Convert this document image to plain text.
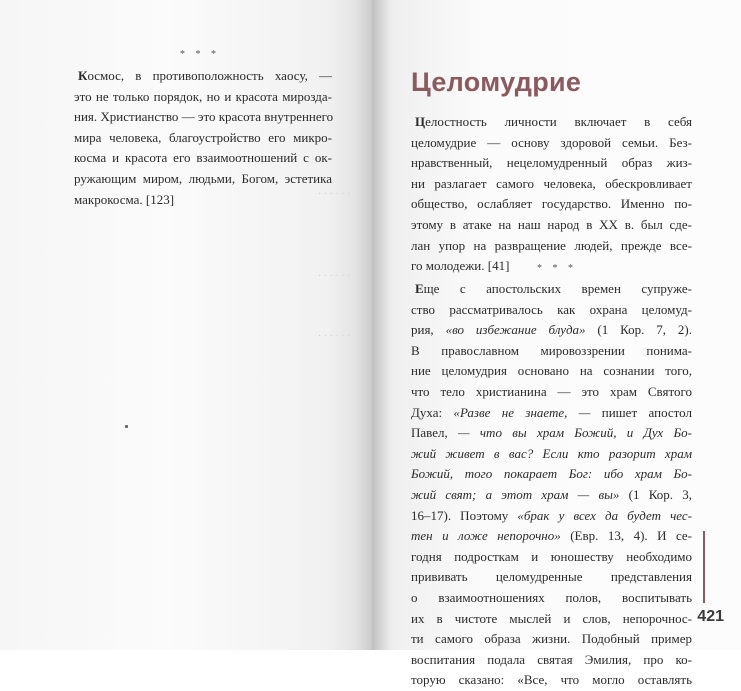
· · · · · ·
· · · · · ·
· · · · · ·
* * *
Космос, в противоположность хаосу, —
это не только порядок, но и красота мирозда-
ния. Христианство — это красота внутреннего
мира человека, благоустройство его микро-
косма и красота его взаимоотношений с ок-
ружающим миром, людьми, Богом, эстетика
макрокосма. [123]
Целомудрие
Целостность личности включает в себя
целомудрие — основу здоровой семьи. Без-
нравственный, нецеломудренный образ жиз-
ни разлагает самого человека, обескровливает
общество, ослабляет государство. Именно по-
этому в атаке на наш народ в XX в. был сде-
лан упор на развращение людей, прежде все-
го молодежи. [41]	* * *
Еще с апостольских времен супруже-
ство рассматривалось как охрана целомуд-
рия, «во избежание блуда» (1 Кор. 7, 2).
В православном мировоззрении понима-
ние целомудрия основано на сознании того,
что тело христианина — это храм Святого
Духа: «Разве не знаете, — пишет апостол
Павел, — что вы храм Божий, и Дух Бо-
жий живет в вас? Если кто разорит храм
Божий, того покарает Бог: ибо храм Бо-
жий свят; а этот храм — вы» (1 Кор. 3,
16–17). Поэтому «брак у всех да будет чес-
тен и ложе непорочно» (Евр. 13, 4). И се-
годня подросткам и юношеству необходимо
прививать целомудренные представления
о взаимоотношениях полов, воспитывать
их в чистоте мыслей и слов, непорочнос-
ти самого образа жизни. Подобный пример
воспитания подала святая Эмилия, про ко-
торую сказано: «Все, что могло оставлять
421
